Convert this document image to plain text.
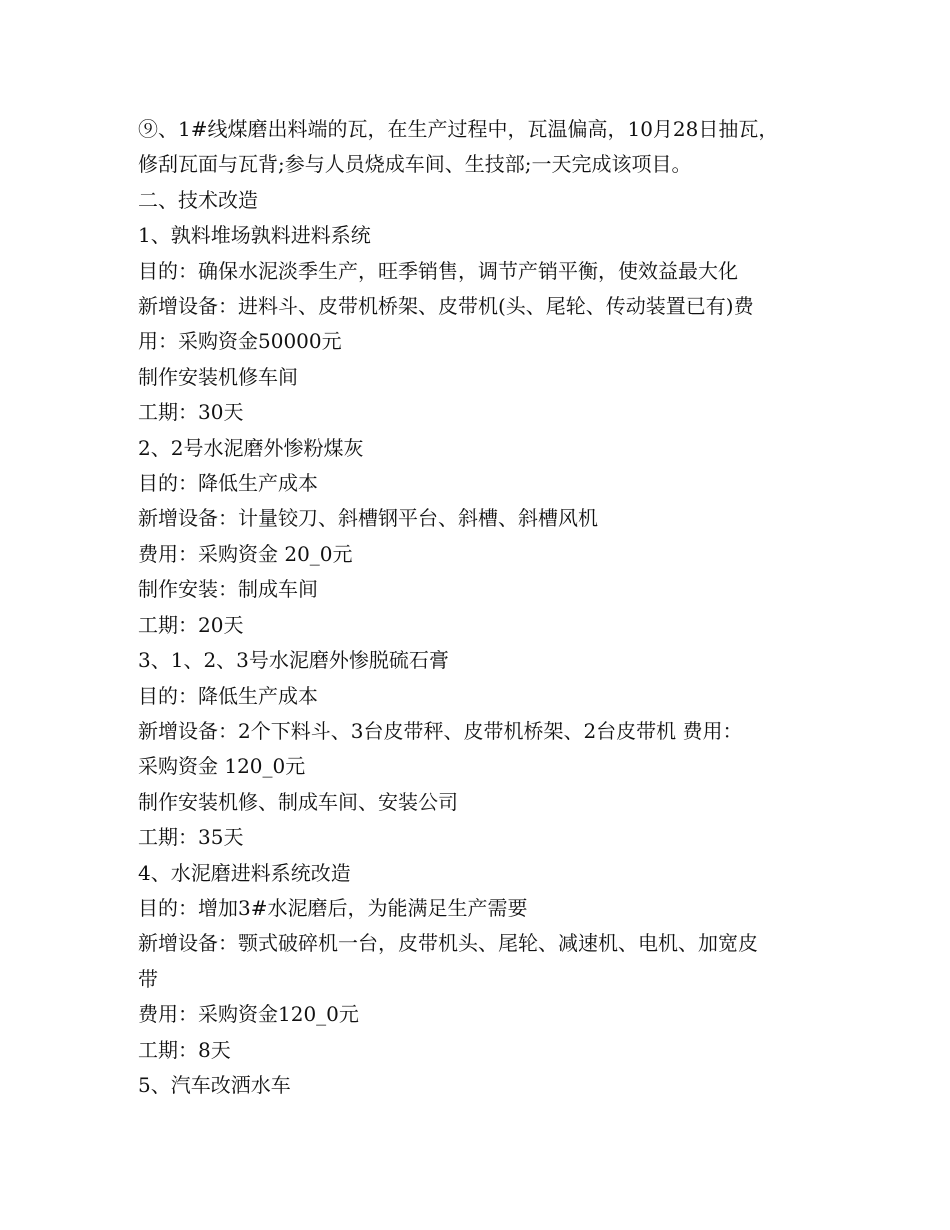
⑨、1#线煤磨出料端的瓦，在生产过程中，瓦温偏高，10月28日抽瓦，

修刮瓦面与瓦背;参与人员烧成车间、生技部;一天完成该项目。

二、技术改造

1、孰料堆场孰料进料系统

目的：确保水泥淡季生产，旺季销售，调节产销平衡，使效益最大化

新增设备：进料斗、皮带机桥架、皮带机(头、尾轮、传动装置已有)费

用：采购资金50000元

制作安装机修车间

工期：30天

2、2号水泥磨外惨粉煤灰

目的：降低生产成本

新增设备：计量铰刀、斜槽钢平台、斜槽、斜槽风机

费用：采购资金 20_0元

制作安装：制成车间

工期：20天

3、1、2、3号水泥磨外惨脱硫石膏

目的：降低生产成本

新增设备：2个下料斗、3台皮带秤、皮带机桥架、2台皮带机 费用：

采购资金 120_0元

制作安装机修、制成车间、安装公司

工期：35天

4、水泥磨进料系统改造

目的：增加3#水泥磨后，为能满足生产需要

新增设备：颚式破碎机一台，皮带机头、尾轮、减速机、电机、加宽皮

带

费用：采购资金120_0元

工期：8天

5、汽车改洒水车
